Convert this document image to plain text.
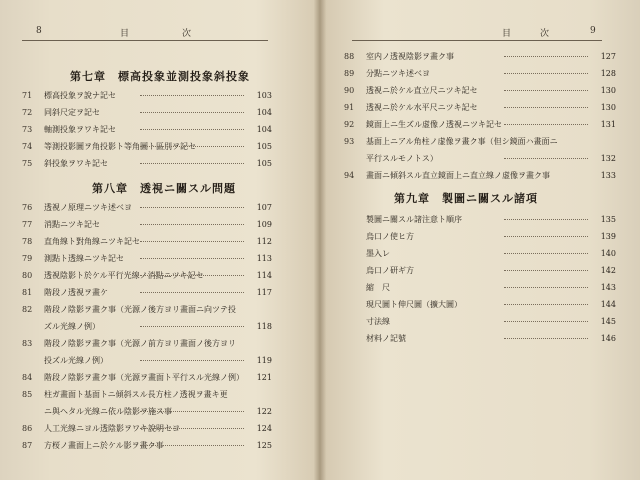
8	目	次
第七章　標高投象並測投象斜投象
第八章　透視ニ關スル問題
71	標高投象ヲ說ナ記セ	103
72	同斜尺定ヲ記セ	104
73	軸測投象ヲワキ記セ	104
74	等測投影圖ヲ角投影ト等角圖ト區別ヲ記セ	105
75	斜投象ヲワキ記セ	105
76	透視ノ原理ニツキ述ベヨ	107
77	消點ニツキ記セ	109
78	直角線ト對角線ニツキ記セ	112
79	測點ト透線ニツキ記セ	113
80	透視陰影ト於ケル平行光線ノ消點ニツキ記セ	114
81	階段ノ透視ヲ畫ケ	117
82	階段ノ陰影ヲ畫ク事（光源ノ後方ヨリ畫面ニ向ツテ投
ズル光線ノ例）	118
83	階段ノ陰影ヲ畫ク事（光源ノ前方ヨリ畫面ノ後方ヨリ
投ズル光線ノ例）	119
84	階段ノ陰影ヲ畫ク事（光源ヲ畫面ト平行スル光線ノ例）	121
85	柱ガ畫面ト基面トニ傾斜スル長方柱ノ透視ヲ畫キ更
ニ與ヘタル光線ニ依ル陰影ヲ施ス事	122
86	人工光線ニヨル透陰影ヲワキ說明セヨ	124
87	方桜ノ畫面上ニ於ケル影ヲ畫ク事	125
目	次	9
88	室内ノ透視陰影ヲ畫ク事	127
89	分點ニツキ述ベヨ	128
90	透視ニ於ケル直立尺ニツキ記セ	130
91	透視ニ於ケル水平尺ニツキ記セ	130
92	鏡面上ニ生ズル虚像ノ透視ニツキ記セ	131
93	基面上ニアル角柱ノ虚像ヲ畫ク事（但シ鏡面ハ畫面ニ
平行スルモノトス）	132
94	畫面ニ傾斜スル直立鏡面上ニ直立線ノ虚像ヲ畫ク事	133
第九章　製圖ニ關スル諸項
製圖ニ關スル諸注意ト順序	135
烏口ノ使ヒ方	139
墨入レ	140
烏口ノ研ギ方	142
縮　尺	143
現尺圖ト伸尺圖（擴大圖）	144
寸法線	145
材料ノ記號	146
